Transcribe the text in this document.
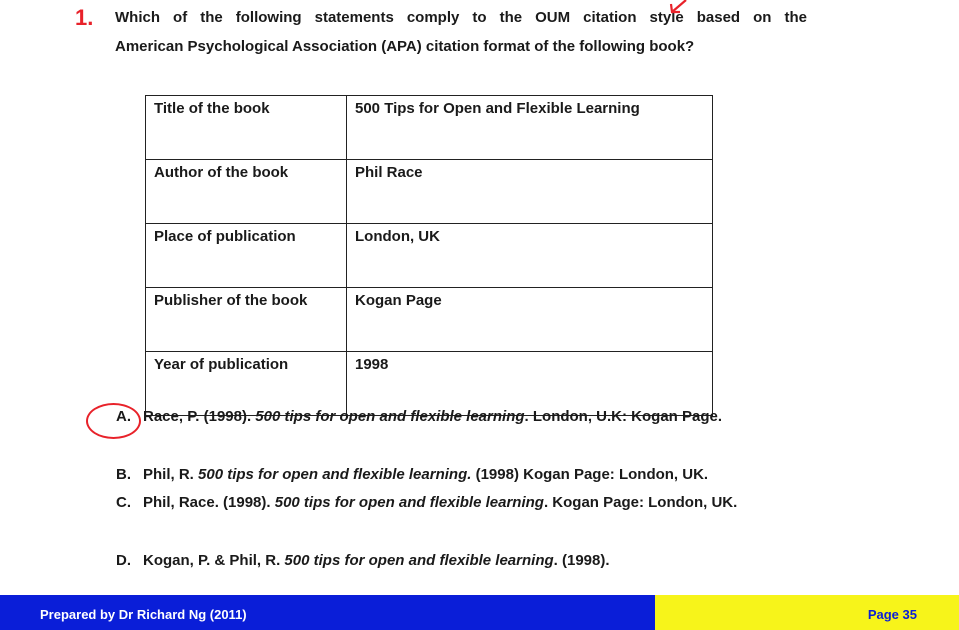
1. Which of the following statements comply to the OUM citation style based on the
American Psychological Association (APA) citation format of the following book?
Title of the book	500 Tips for Open and Flexible Learning
Author of the book	Phil Race
Place of publication	London, UK
Publisher of the book	Kogan Page
Year of publication	1998
A. Race, P. (1998). 500 tips for open and flexible learning. London, U.K: Kogan Page.
B. Phil, R. 500 tips for open and flexible learning. (1998) Kogan Page: London, UK.
C. Phil, Race. (1998). 500 tips for open and flexible learning. Kogan Page: London, UK.
D. Kogan, P. & Phil, R. 500 tips for open and flexible learning. (1998).
Prepared by Dr Richard Ng (2011)	Page 35
